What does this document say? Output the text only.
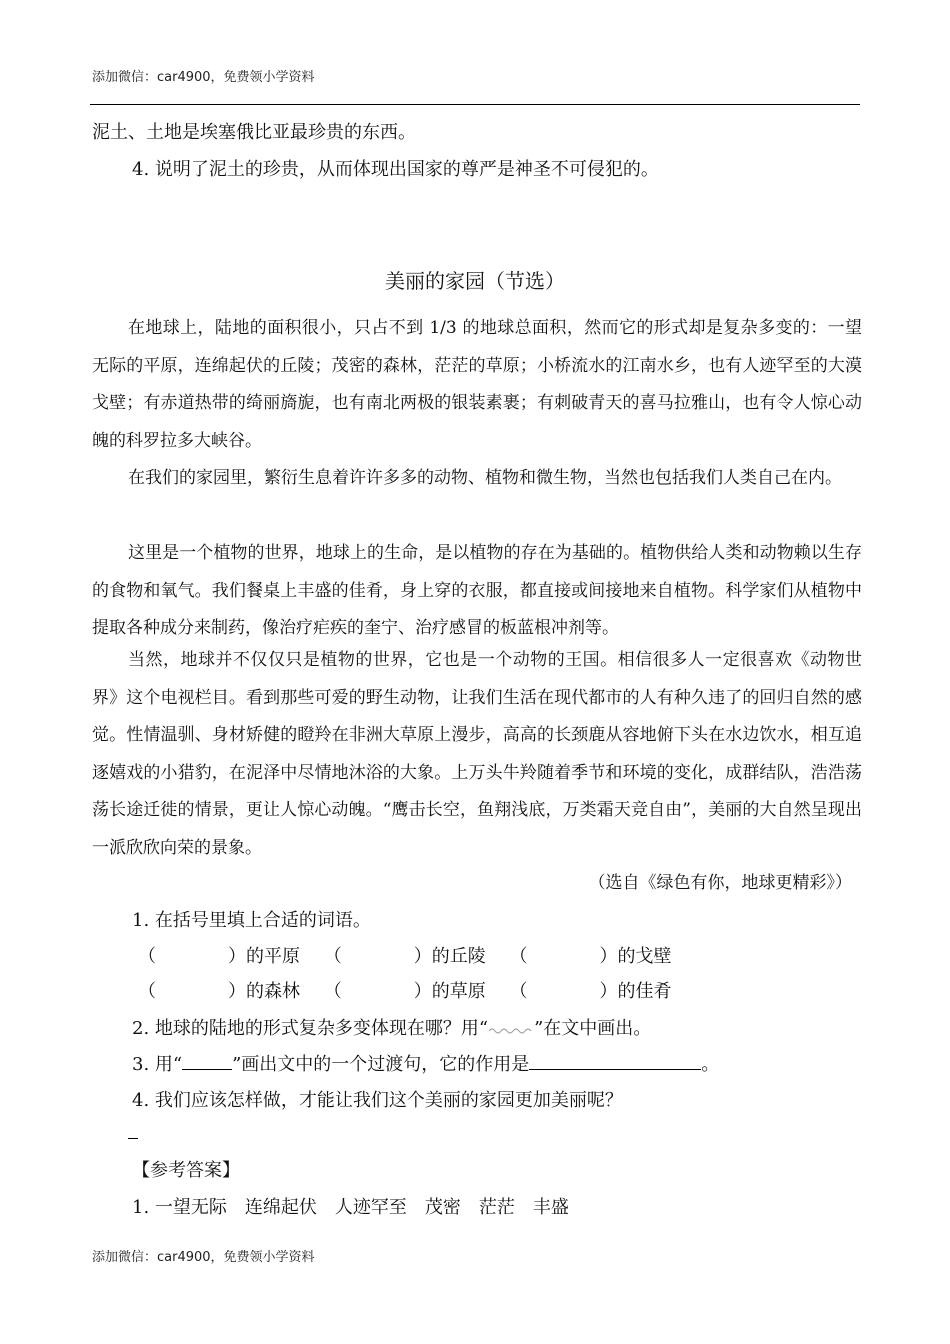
添加微信：car4900，免费领小学资料
泥土、土地是埃塞俄比亚最珍贵的东西。
4. 说明了泥土的珍贵，从而体现出国家的尊严是神圣不可侵犯的。
美丽的家园（节选）
在地球上，陆地的面积很小，只占不到 1/3 的地球总面积，然而它的形式却是复杂多变的：一望无际的平原，连绵起伏的丘陵；茂密的森林，茫茫的草原；小桥流水的江南水乡，也有人迹罕至的大漠戈壁；有赤道热带的绮丽旖旎，也有南北两极的银装素裹；有刺破青天的喜马拉雅山，也有令人惊心动魄的科罗拉多大峡谷。
在我们的家园里，繁衍生息着许许多多的动物、植物和微生物，当然也包括我们人类自己在内。
这里是一个植物的世界，地球上的生命，是以植物的存在为基础的。植物供给人类和动物赖以生存的食物和氧气。我们餐桌上丰盛的佳肴，身上穿的衣服，都直接或间接地来自植物。科学家们从植物中提取各种成分来制药，像治疗疟疾的奎宁、治疗感冒的板蓝根冲剂等。
当然，地球并不仅仅只是植物的世界，它也是一个动物的王国。相信很多人一定很喜欢《动物世界》这个电视栏目。看到那些可爱的野生动物，让我们生活在现代都市的人有种久违了的回归自然的感觉。性情温驯、身材矫健的瞪羚在非洲大草原上漫步，高高的长颈鹿从容地俯下头在水边饮水，相互追逐嬉戏的小猎豹，在泥泽中尽情地沐浴的大象。上万头牛羚随着季节和环境的变化，成群结队，浩浩荡荡长途迁徙的情景，更让人惊心动魄。“鹰击长空，鱼翔浅底，万类霜天竞自由”，美丽的大自然呈现出一派欣欣向荣的景象。
（选自《绿色有你，地球更精彩》）
1. 在括号里填上合适的词语。
（　　　　）的平原 （　　　　）的丘陵 （　　　　）的戈壁
（　　　　）的森林 （　　　　）的草原 （　　　　）的佳肴
2. 地球的陆地的形式复杂多变体现在哪？用“	”在文中画出。
3. 用“	”画出文中的一个过渡句，它的作用是	。
4. 我们应该怎样做，才能让我们这个美丽的家园更加美丽呢？
【参考答案】
1. 一望无际　连绵起伏　人迹罕至　茂密　茫茫　丰盛
添加微信：car4900，免费领小学资料
